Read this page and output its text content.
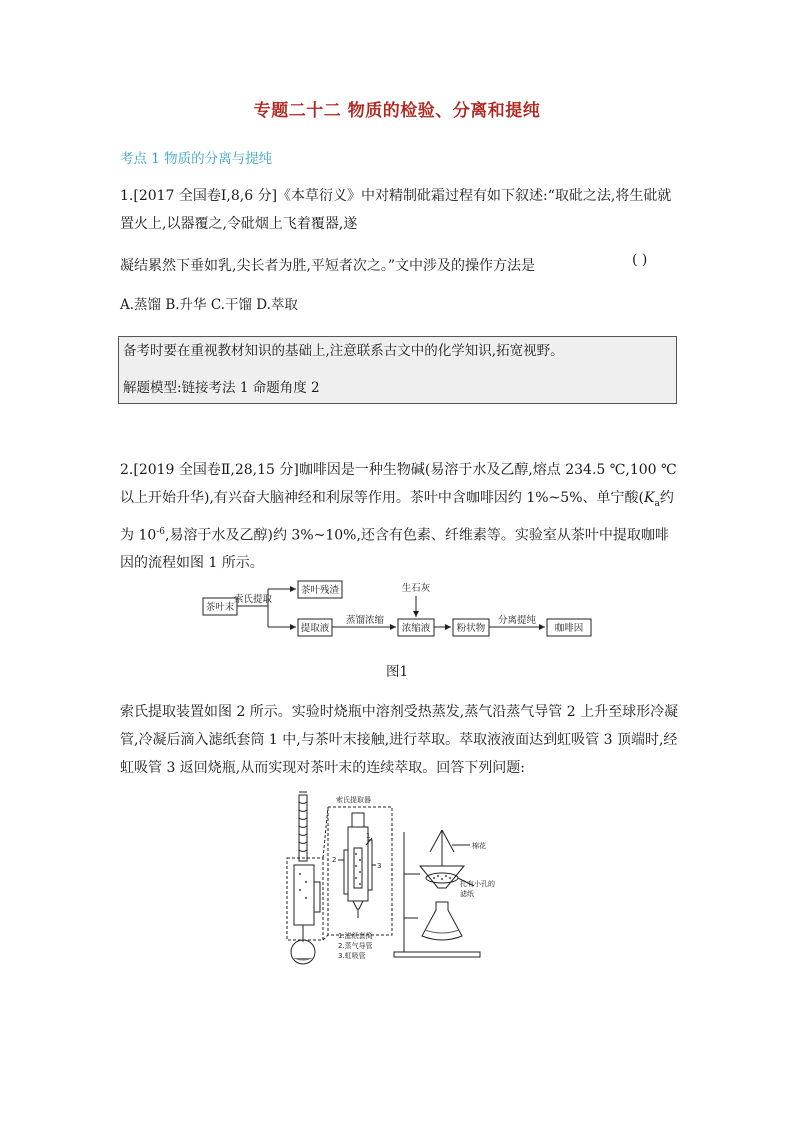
专题二十二 物质的检验、分离和提纯
考点 1 物质的分离与提纯
1.[2017 全国卷Ⅰ,8,6 分]《本草衍义》中对精制砒霜过程有如下叙述:“取砒之法,将生砒就置火上,以器覆之,令砒烟上飞着覆器,遂
凝结累然下垂如乳,尖长者为胜,平短者次之。”文中涉及的操作方法是	( )
A.蒸馏 B.升华 C.干馏 D.萃取
备考时要在重视教材知识的基础上,注意联系古文中的化学知识,拓宽视野。
解题模型:链接考法 1 命题角度 2
2.[2019 全国卷Ⅱ,28,15 分]咖啡因是一种生物碱(易溶于水及乙醇,熔点 234.5 ℃,100 ℃以上开始升华),有兴奋大脑神经和利尿等作用。茶叶中含咖啡因约 1%~5%、单宁酸($K_a$约为 $10^{-6}$,易溶于水及乙醇)约 3%~10%,还含有色素、纤维素等。实验室从茶叶中提取咖啡因的流程如图 1 所示。
茶叶末
茶叶残渣
提取液	浓缩液	粉状物	咖啡因
索氏提取
蒸馏浓缩
生石灰
分离提纯
图1
索氏提取装置如图 2 所示。实验时烧瓶中溶剂受热蒸发,蒸气沿蒸气导管 2 上升至球形冷凝管,冷凝后滴入滤纸套筒 1 中,与茶叶末接触,进行萃取。萃取液液面达到虹吸管 3 顶端时,经虹吸管 3 返回烧瓶,从而实现对茶叶末的连续萃取。回答下列问题:
索氏提取器
1
2
3
1.滤纸套筒
2.蒸气导管
3.虹吸管
棉花
扎有小孔的
滤纸
